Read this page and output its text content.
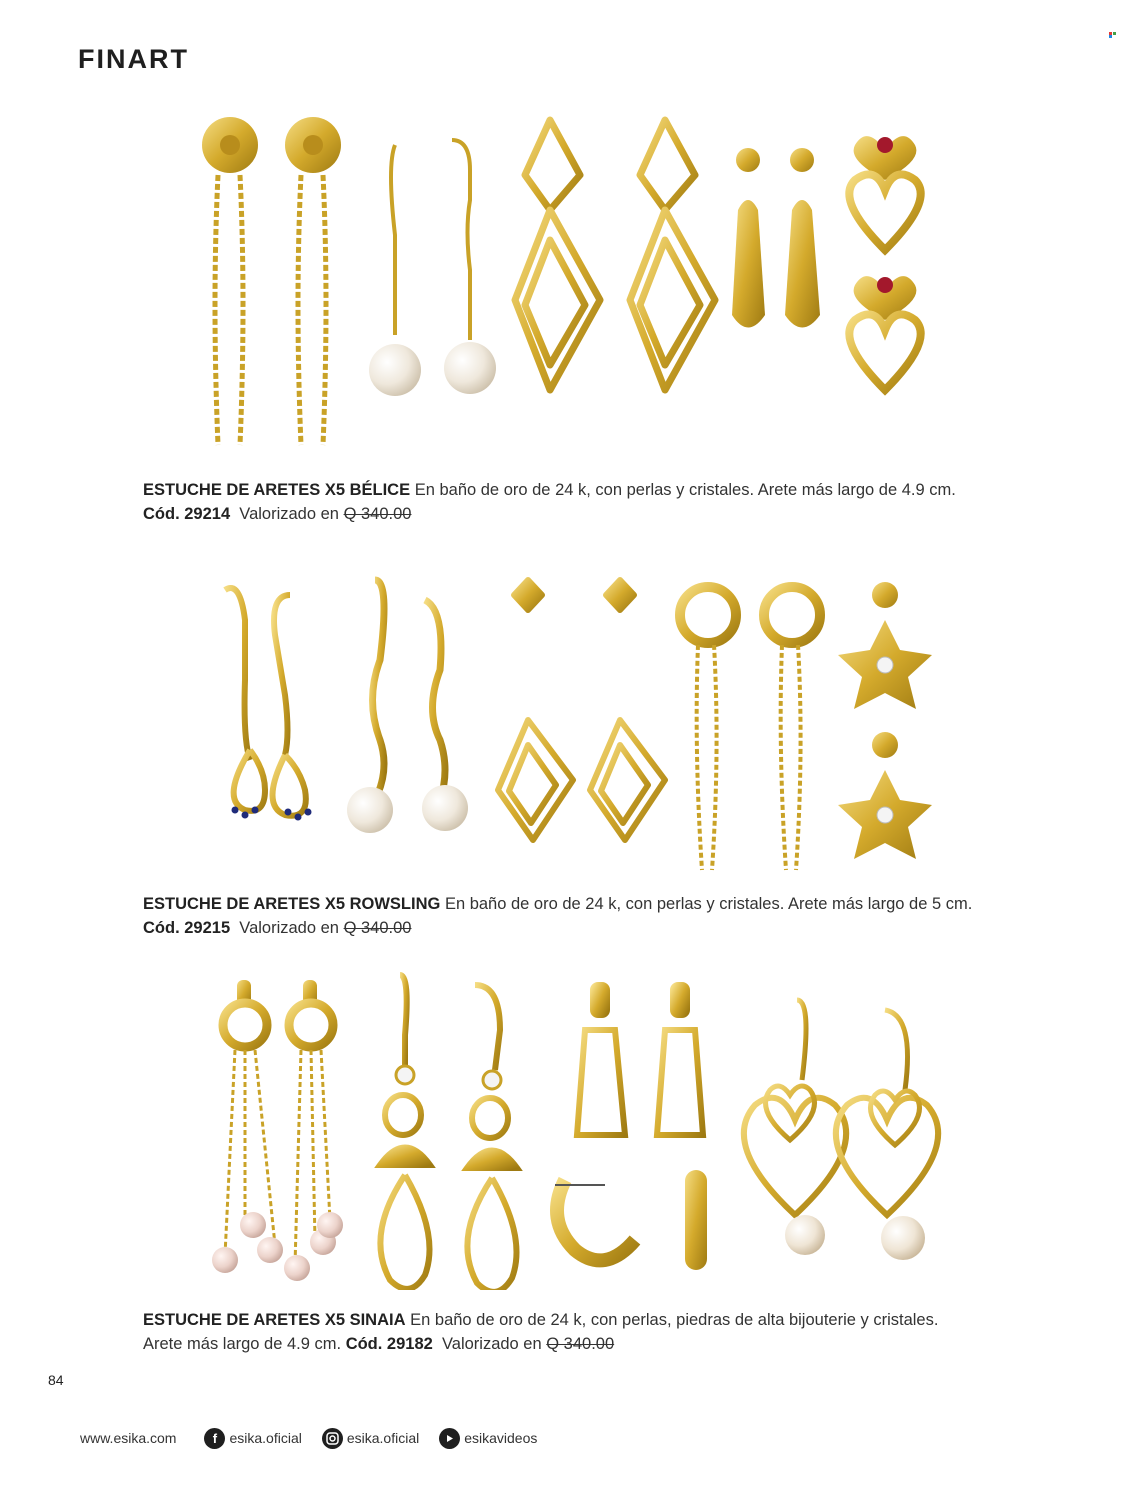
FINART
ESTUCHE DE ARETES X5 BÉLICE En baño de oro de 24 k, con perlas y cristales. Arete más largo de 4.9 cm.
Cód. 29214 Valorizado en Q 340.00
ESTUCHE DE ARETES X5 ROWSLING En baño de oro de 24 k, con perlas y cristales. Arete más largo de 5 cm.
Cód. 29215 Valorizado en Q 340.00
ESTUCHE DE ARETES X5 SINAIA En baño de oro de 24 k, con perlas, piedras de alta bijouterie y cristales.
Arete más largo de 4.9 cm. Cód. 29182 Valorizado en Q 340.00
84
www.esika.com	f esika.oficial	esika.oficial	esikavideos
